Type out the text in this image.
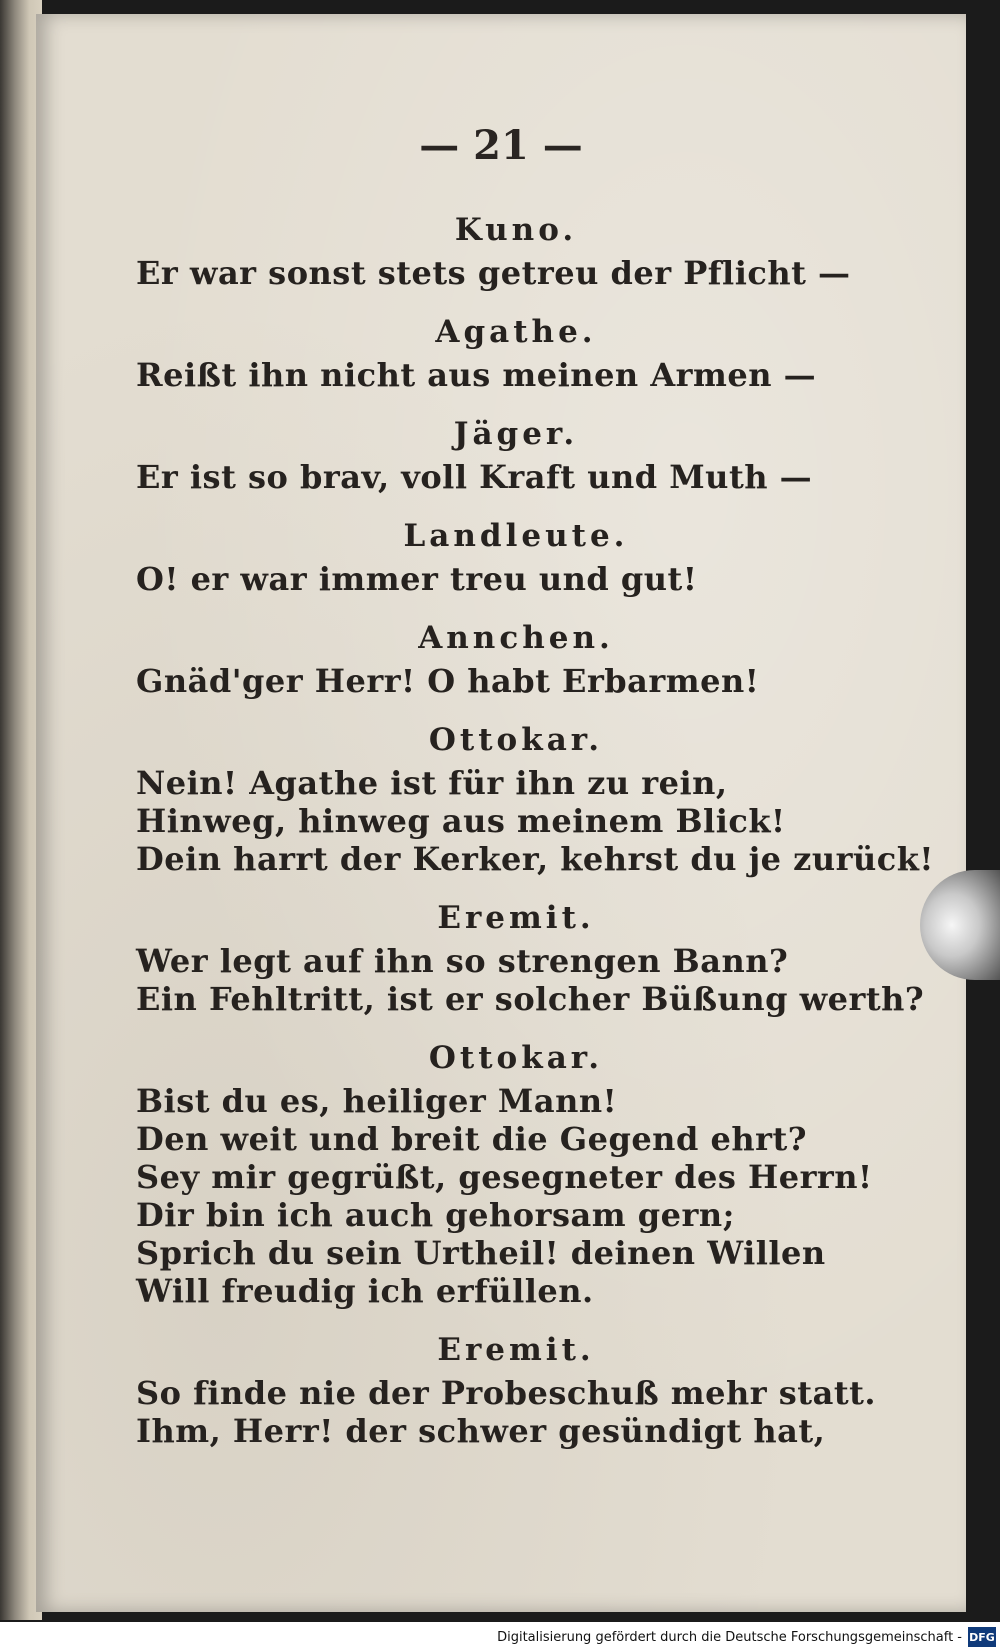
— 21 —
Kuno.
Er war sonst stets getreu der Pflicht —
Agathe.
Reißt ihn nicht aus meinen Armen —
Jäger.
Er ist so brav, voll Kraft und Muth —
Landleute.
O! er war immer treu und gut!
Annchen.
Gnäd'ger Herr! O habt Erbarmen!
Ottokar.
Nein! Agathe ist für ihn zu rein,
Hinweg, hinweg aus meinem Blick!
Dein harrt der Kerker, kehrst du je zurück!
Eremit.
Wer legt auf ihn so strengen Bann?
Ein Fehltritt, ist er solcher Büßung werth?
Ottokar.
Bist du es, heiliger Mann!
Den weit und breit die Gegend ehrt?
Sey mir gegrüßt, gesegneter des Herrn!
Dir bin ich auch gehorsam gern;
Sprich du sein Urtheil! deinen Willen
Will freudig ich erfüllen.
Eremit.
So finde nie der Probeschuß mehr statt.
Ihm, Herr! der schwer gesündigt hat,
Digitalisierung gefördert durch die Deutsche Forschungsgemeinschaft - DFG
